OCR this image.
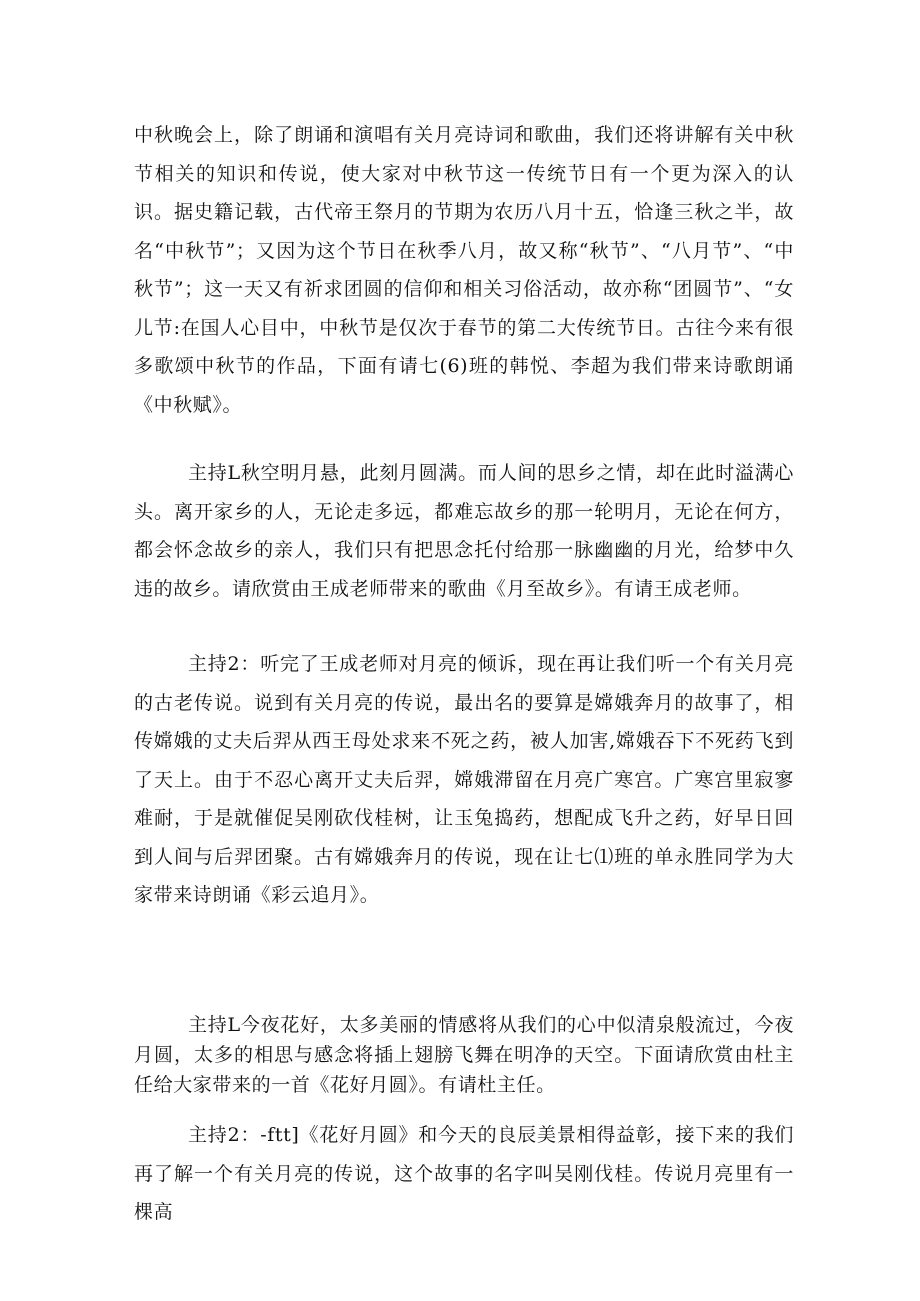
中秋晚会上，除了朗诵和演唱有关月亮诗词和歌曲，我们还将讲解有关中秋节相关的知识和传说，使大家对中秋节这一传统节日有一个更为深入的认识。据史籍记载，古代帝王祭月的节期为农历八月十五，恰逢三秋之半，故名“中秋节”；又因为这个节日在秋季八月，故又称“秋节”、“八月节”、“中秋节”；这一天又有祈求团圆的信仰和相关习俗活动，故亦称“团圆节”、“女儿节:在国人心目中，中秋节是仅次于春节的第二大传统节日。古往今来有很多歌颂中秋节的作品，下面有请七(6)班的韩悦、李超为我们带来诗歌朗诵《中秋赋》。

主持L秋空明月悬，此刻月圆满。而人间的思乡之情，却在此时溢满心头。离开家乡的人，无论走多远，都难忘故乡的那一轮明月，无论在何方，都会怀念故乡的亲人，我们只有把思念托付给那一脉幽幽的月光，给梦中久违的故乡。请欣赏由王成老师带来的歌曲《月至故乡》。有请王成老师。

主持2：听完了王成老师对月亮的倾诉，现在再让我们听一个有关月亮的古老传说。说到有关月亮的传说，最出名的要算是嫦娥奔月的故事了，相传嫦娥的丈夫后羿从西王母处求来不死之药，被人加害,嫦娥吞下不死药飞到了天上。由于不忍心离开丈夫后羿，嫦娥滞留在月亮广寒宫。广寒宫里寂寥难耐，于是就催促吴刚砍伐桂树，让玉兔捣药，想配成飞升之药，好早日回到人间与后羿团聚。古有嫦娥奔月的传说，现在让七⑴班的单永胜同学为大家带来诗朗诵《彩云追月》。

主持L今夜花好，太多美丽的情感将从我们的心中似清泉般流过，今夜月圆，太多的相思与感念将插上翅膀飞舞在明净的天空。下面请欣赏由杜主任给大家带来的一首《花好月圆》。有请杜主任。

主持2：-ftt]《花好月圆》和今天的良辰美景相得益彰，接下来的我们再了解一个有关月亮的传说，这个故事的名字叫吴刚伐桂。传说月亮里有一棵高
